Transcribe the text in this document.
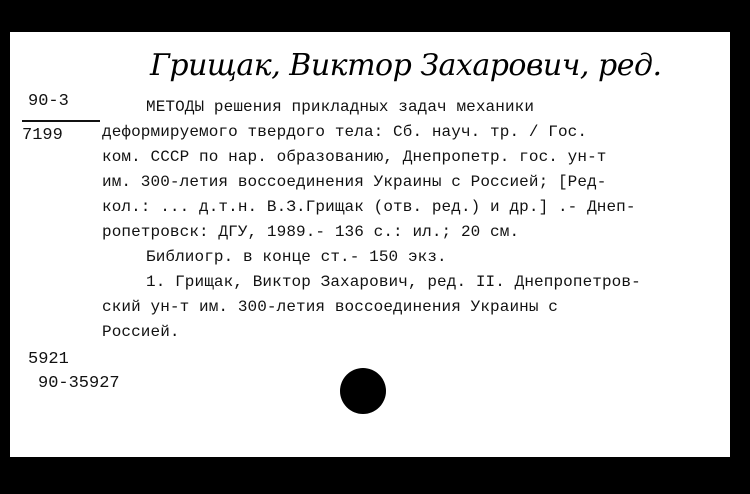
Грищак, Виктор Захарович, ред.
90-3
7199
МЕТОДЫ решения прикладных задач механики
деформируемого твердого тела: Сб. науч. тр. / Гос.
ком. СССР по нар. образованию, Днепропетр. гос. ун-т
им. 300-летия воссоединения Украины с Россией; [Ред-
кол.: ... д.т.н. В.З.Грищак (отв. ред.) и др.] .- Днеп-
ропетровск: ДГУ, 1989.- 136 с.: ил.; 20 см.
Библиогр. в конце ст.- 150 экз.
1. Грищак, Виктор Захарович, ред. II. Днепропетров-
ский ун-т им. 300-летия воссоединения Украины с
Россией.
5921
90-35927
